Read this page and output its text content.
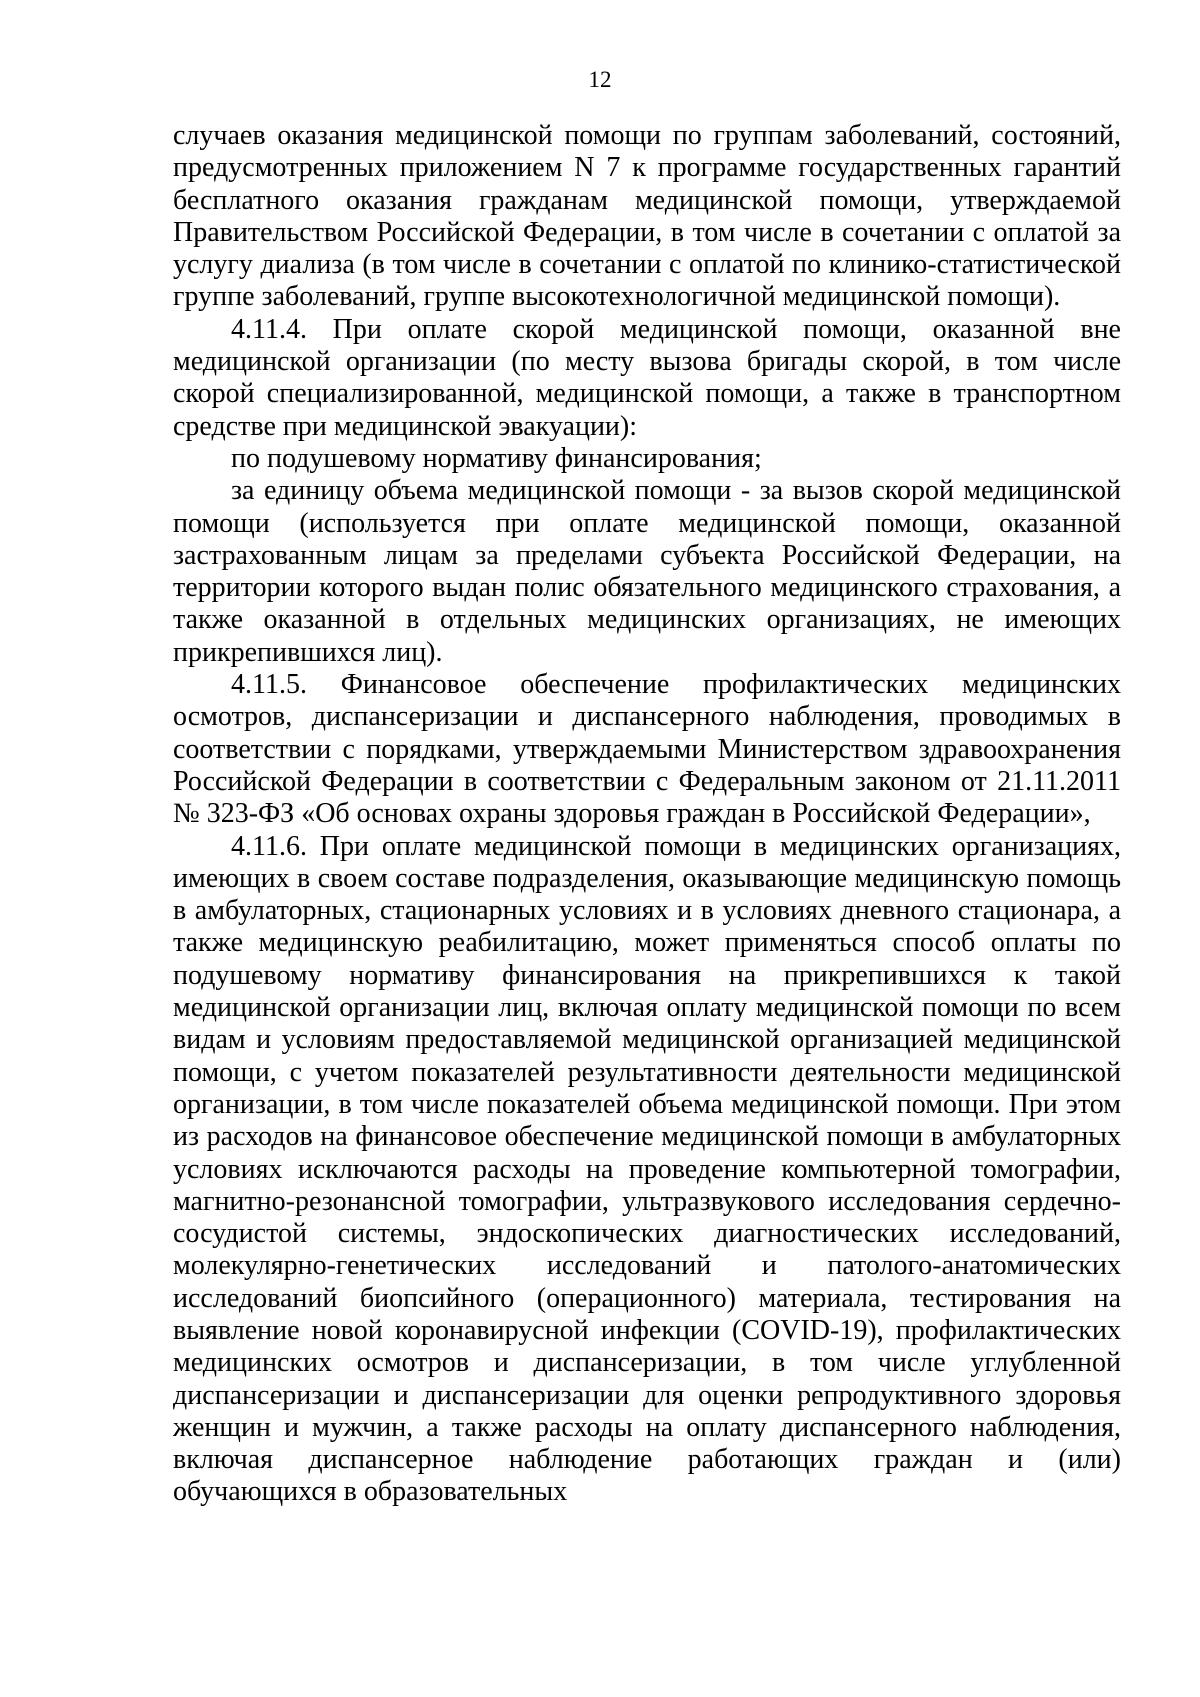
12

случаев оказания медицинской помощи по группам заболеваний, состояний, предусмотренных приложением N 7 к программе государственных гарантий бесплатного оказания гражданам медицинской помощи, утверждаемой Правительством Российской Федерации, в том числе в сочетании с оплатой за услугу диализа (в том числе в сочетании с оплатой по клинико-статистической группе заболеваний, группе высокотехнологичной медицинской помощи).

4.11.4. При оплате скорой медицинской помощи, оказанной вне медицинской организации (по месту вызова бригады скорой, в том числе скорой специализированной, медицинской помощи, а также в транспортном средстве при медицинской эвакуации):

по подушевому нормативу финансирования;

за единицу объема медицинской помощи - за вызов скорой медицинской помощи (используется при оплате медицинской помощи, оказанной застрахованным лицам за пределами субъекта Российской Федерации, на территории которого выдан полис обязательного медицинского страхования, а также оказанной в отдельных медицинских организациях, не имеющих прикрепившихся лиц).

4.11.5. Финансовое обеспечение профилактических медицинских осмотров, диспансеризации и диспансерного наблюдения, проводимых в соответствии с порядками, утверждаемыми Министерством здравоохранения Российской Федерации в соответствии с Федеральным законом от 21.11.2011 № 323-ФЗ «Об основах охраны здоровья граждан в Российской Федерации»,

4.11.6. При оплате медицинской помощи в медицинских организациях, имеющих в своем составе подразделения, оказывающие медицинскую помощь в амбулаторных, стационарных условиях и в условиях дневного стационара, а также медицинскую реабилитацию, может применяться способ оплаты по подушевому нормативу финансирования на прикрепившихся к такой медицинской организации лиц, включая оплату медицинской помощи по всем видам и условиям предоставляемой медицинской организацией медицинской помощи, с учетом показателей результативности деятельности медицинской организации, в том числе показателей объема медицинской помощи. При этом из расходов на финансовое обеспечение медицинской помощи в амбулаторных условиях исключаются расходы на проведение компьютерной томографии, магнитно-резонансной томографии, ультразвукового исследования сердечно-сосудистой системы, эндоскопических диагностических исследований, молекулярно-генетических исследований и патолого-анатомических исследований биопсийного (операционного) материала, тестирования на выявление новой коронавирусной инфекции (COVID-19), профилактических медицинских осмотров и диспансеризации, в том числе углубленной диспансеризации и диспансеризации для оценки репродуктивного здоровья женщин и мужчин, а также расходы на оплату диспансерного наблюдения, включая диспансерное наблюдение работающих граждан и (или) обучающихся в образовательных
